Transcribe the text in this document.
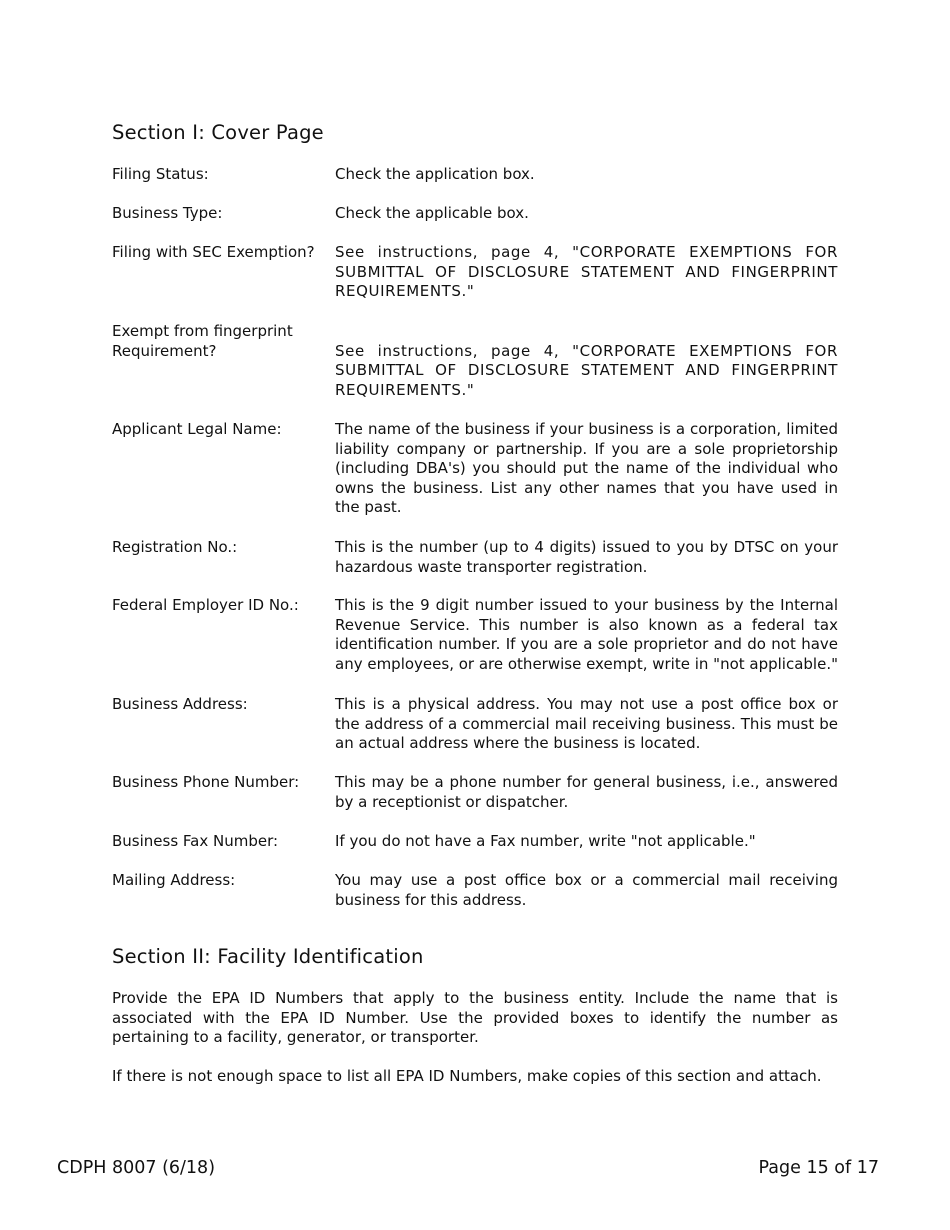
Section I: Cover Page
Filing Status:	Check the application box.
Business Type:	Check the applicable box.
Filing with SEC Exemption?	See instructions, page 4, "CORPORATE EXEMPTIONS FOR SUBMITTAL OF DISCLOSURE STATEMENT AND FINGERPRINT REQUIREMENTS."
Exempt from fingerprint Requirement?	See instructions, page 4, "CORPORATE EXEMPTIONS FOR SUBMITTAL OF DISCLOSURE STATEMENT AND FINGERPRINT REQUIREMENTS."
Applicant Legal Name:	The name of the business if your business is a corporation, limited liability company or partnership. If you are a sole proprietorship (including DBA's) you should put the name of the individual who owns the business. List any other names that you have used in the past.
Registration No.:	This is the number (up to 4 digits) issued to you by DTSC on your hazardous waste transporter registration.
Federal Employer ID No.:	This is the 9 digit number issued to your business by the Internal Revenue Service. This number is also known as a federal tax identification number. If you are a sole proprietor and do not have any employees, or are otherwise exempt, write in "not applicable."
Business Address:	This is a physical address. You may not use a post office box or the address of a commercial mail receiving business. This must be an actual address where the business is located.
Business Phone Number:	This may be a phone number for general business, i.e., answered by a receptionist or dispatcher.
Business Fax Number:	If you do not have a Fax number, write "not applicable."
Mailing Address:	You may use a post office box or a commercial mail receiving business for this address.
Section II: Facility Identification

Provide the EPA ID Numbers that apply to the business entity. Include the name that is associated with the EPA ID Number. Use the provided boxes to identify the number as pertaining to a facility, generator, or transporter.

If there is not enough space to list all EPA ID Numbers, make copies of this section and attach.

CDPH 8007 (6/18)	Page 15 of 17
